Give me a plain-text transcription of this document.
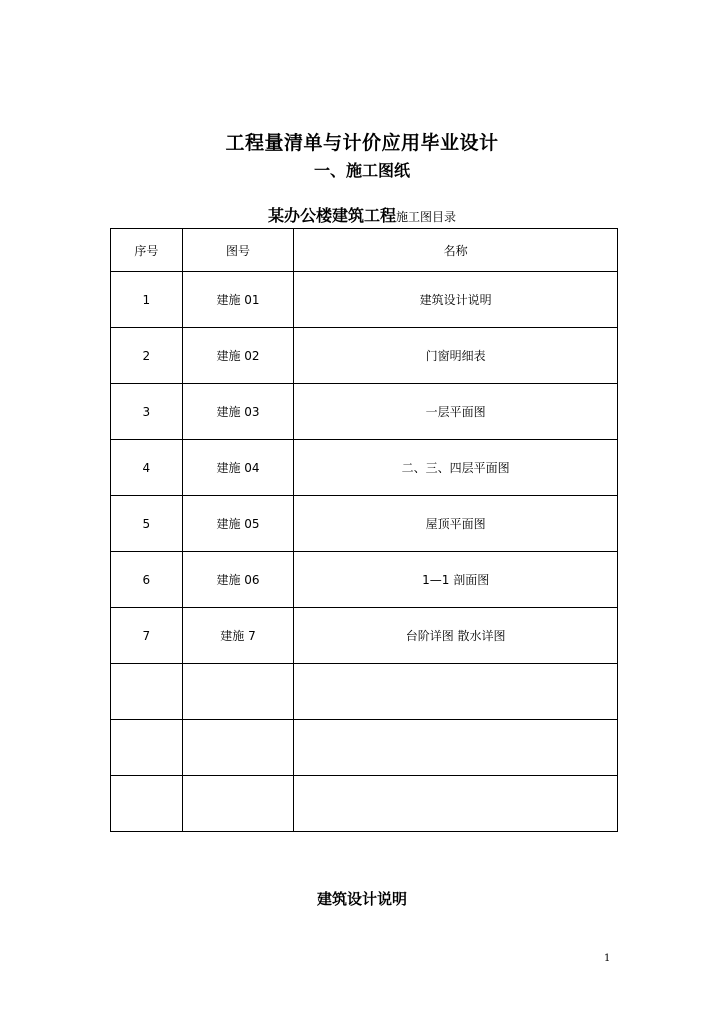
工程量清单与计价应用毕业设计
一、施工图纸
某办公楼建筑工程施工图目录
序号	图号	名称
1	建施 01	建筑设计说明
2	建施 02	门窗明细表
3	建施 03	一层平面图
4	建施 04	二、三、四层平面图
5	建施 05	屋顶平面图
6	建施 06	1—1 剖面图
7	建施 7	台阶详图 散水详图

建筑设计说明
1
